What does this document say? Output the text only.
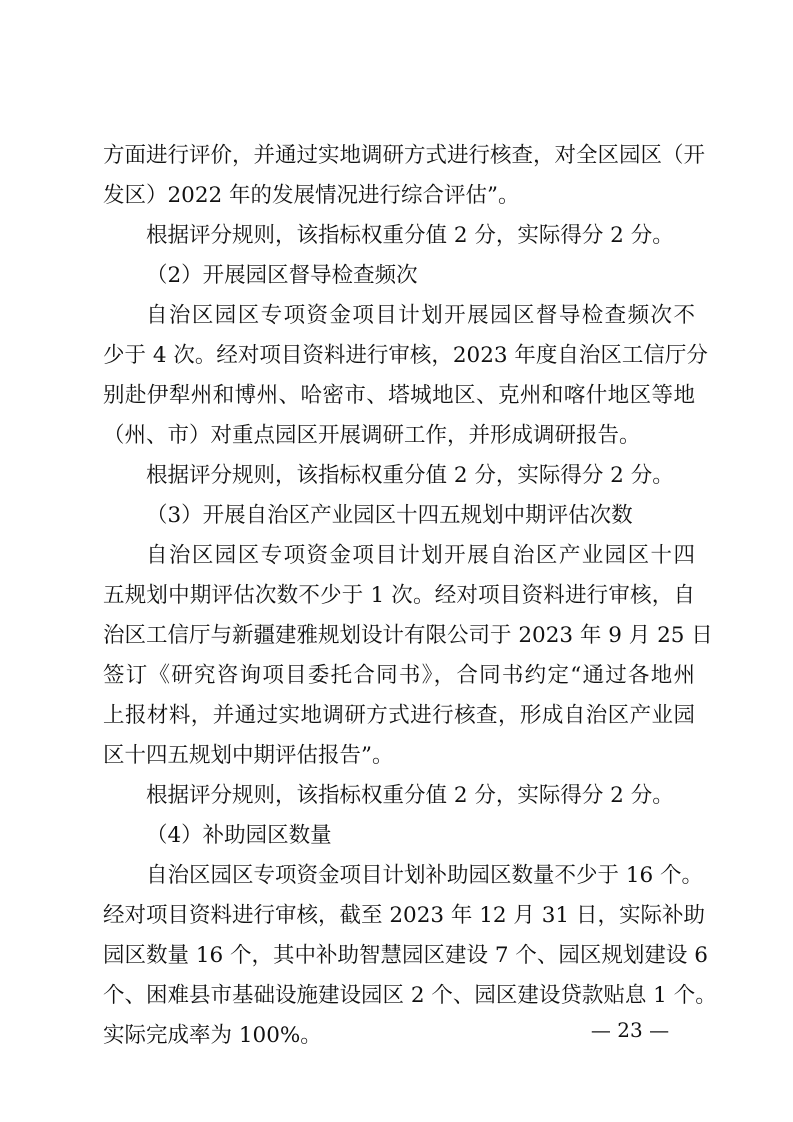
方面进行评价，并通过实地调研方式进行核查，对全区园区（开
发区）2022 年的发展情况进行综合评估”。
根据评分规则，该指标权重分值 2 分，实际得分 2 分。
（2）开展园区督导检查频次
自治区园区专项资金项目计划开展园区督导检查频次不
少于 4 次。经对项目资料进行审核，2023 年度自治区工信厅分
别赴伊犁州和博州、哈密市、塔城地区、克州和喀什地区等地
（州、市）对重点园区开展调研工作，并形成调研报告。
根据评分规则，该指标权重分值 2 分，实际得分 2 分。
（3）开展自治区产业园区十四五规划中期评估次数
自治区园区专项资金项目计划开展自治区产业园区十四
五规划中期评估次数不少于 1 次。经对项目资料进行审核，自
治区工信厅与新疆建雅规划设计有限公司于 2023 年 9 月 25 日
签订《研究咨询项目委托合同书》，合同书约定“通过各地州
上报材料，并通过实地调研方式进行核查，形成自治区产业园
区十四五规划中期评估报告”。
根据评分规则，该指标权重分值 2 分，实际得分 2 分。
（4）补助园区数量
自治区园区专项资金项目计划补助园区数量不少于 16 个。
经对项目资料进行审核，截至 2023 年 12 月 31 日，实际补助
园区数量 16 个，其中补助智慧园区建设 7 个、园区规划建设 6
个、困难县市基础设施建设园区 2 个、园区建设贷款贴息 1 个。
实际完成率为 100%。	— 23 —
